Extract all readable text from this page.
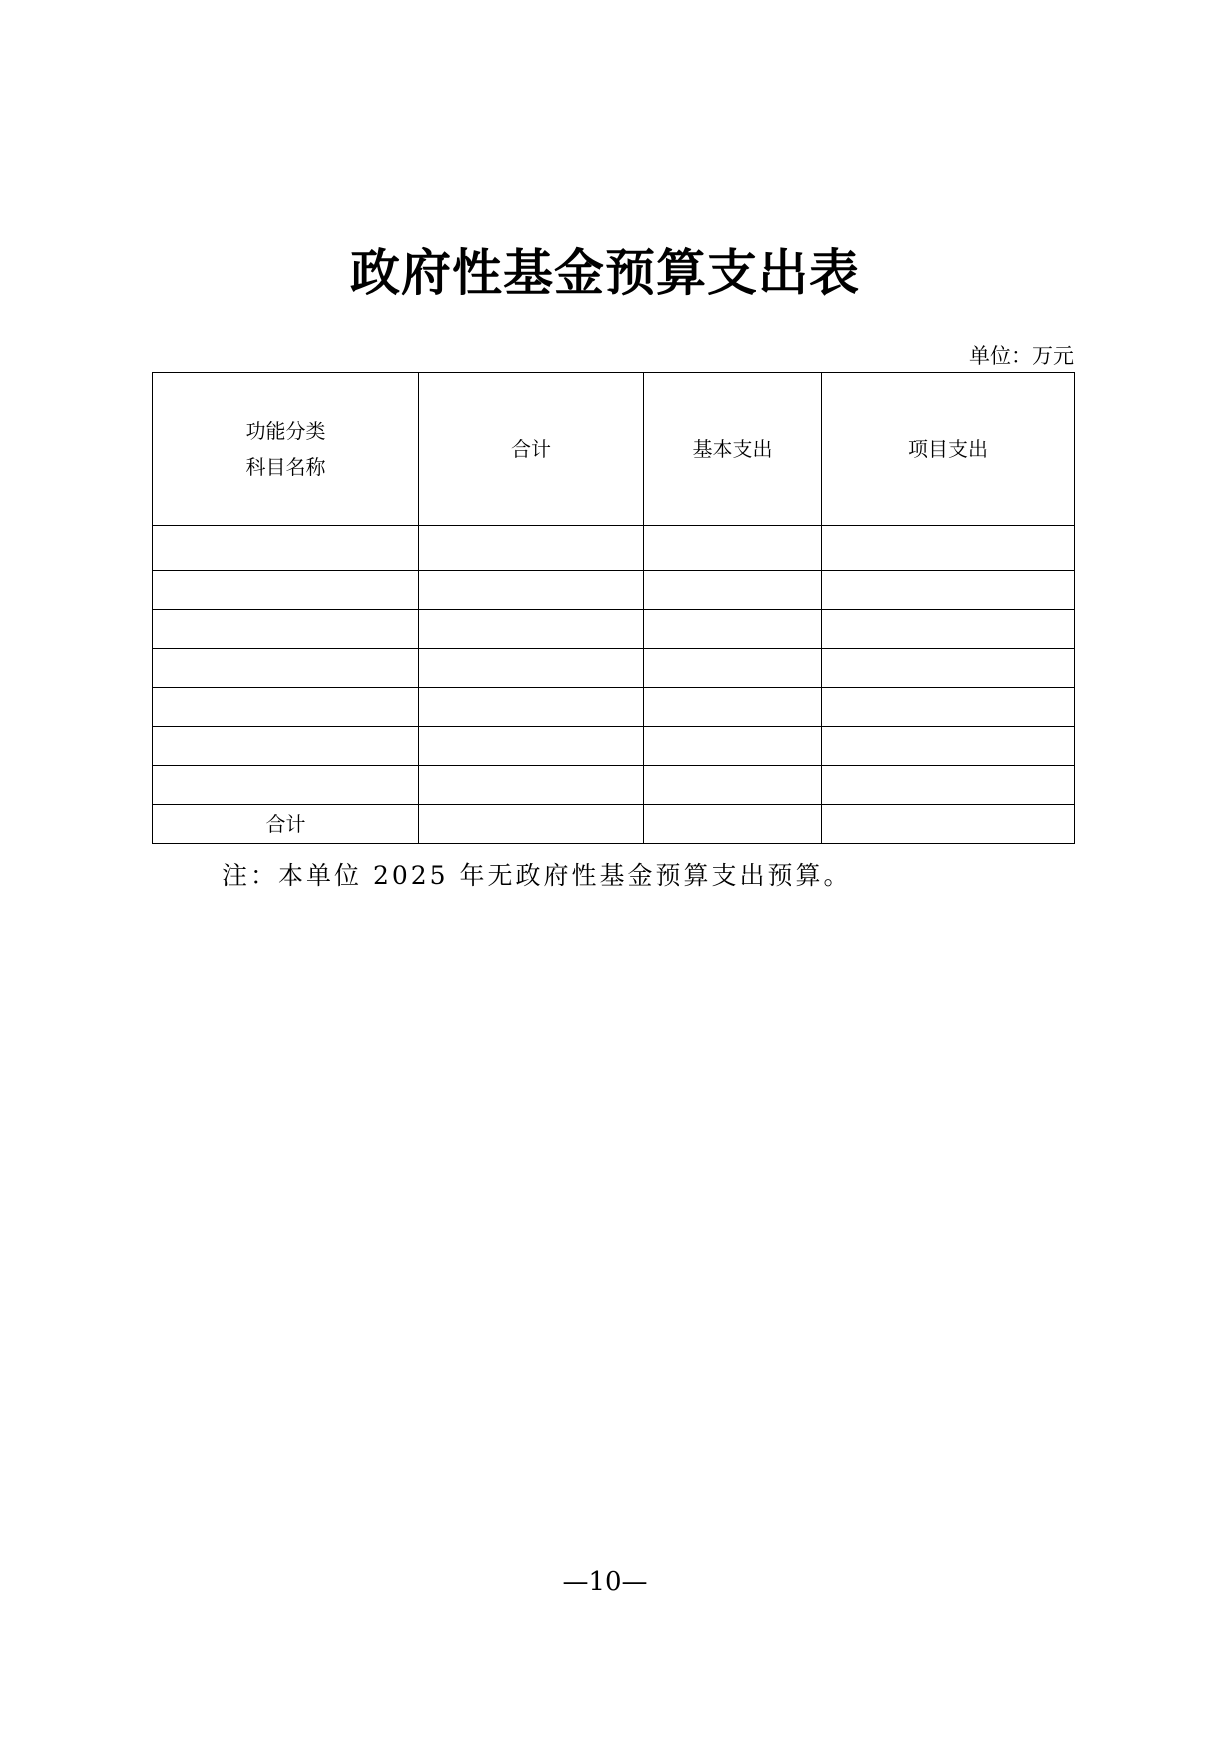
政府性基金预算支出表
单位：万元
功能分类
科目名称	合计	基本支出	项目支出

合计			
注：本单位 2025 年无政府性基金预算支出预算。
—10—
